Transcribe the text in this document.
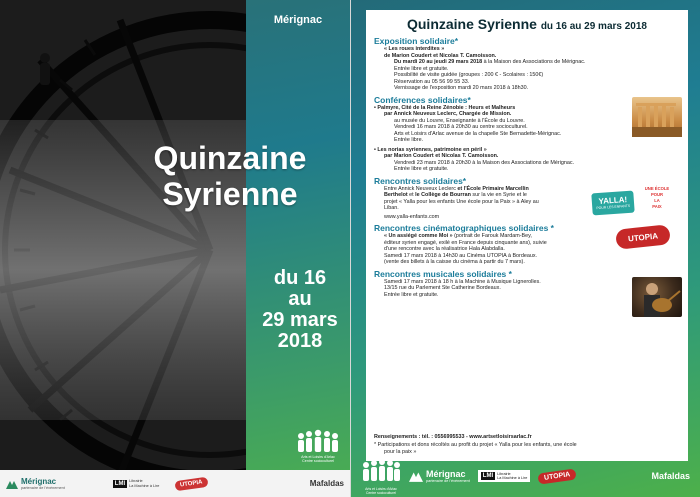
Mérignac
Quinzaine
Syrienne
du 16
au
29 mars
2018
Arts et Loisirs d'Arlac
Centre socioculturel
Mérignac
partenaire de l'événement
LMl	Librairie
La Machine à Lire	UTOPIA	Mafaldas
Quinzaine Syrienne du 16 au 29 mars 2018
Exposition solidaire*
« Les roues interdites »
de Marion Coudert et Nicolas T. Camoisson.
Du mardi 20 au jeudi 29 mars 2018 à la Maison des Associations de Mérignac.
Entrée libre et gratuite.
Possibilité de visite guidée (groupes : 200 € - Scolaires : 150€)
Réservation au 05 56 99 55 33.
Vernissage de l'exposition mardi 20 mars 2018 à 18h30.
Conférences solidaires*
• Palmyre, Cité de la Reine Zénobie : Heurs et Malheurs
par Annick Neuveux Leclerc, Chargée de Mission.
au musée du Louvre, Enseignante à l'École du Louvre.
Vendredi 16 mars 2018 à 20h30 au centre socioculturel.
Arts et Loisirs d'Arlac avenue de la chapelle Ste Bernadette-Mérignac.
Entrée libre.
• Les norias syriennes, patrimoine en péril »
par Marion Coudert et Nicolas T. Camoisson.
Vendredi 23 mars 2018 à 20h30 à la Maison des Associations de Mérignac.
Entrée libre et gratuite.
Rencontres solidaires*
YALLA!
POUR LES ENFANTS
UNE ÉCOLE
POUR
LA
PAIX
Entre Annick Neuveux Leclerc et l'École Primaire Marcellin
Berthelot et le Collège de Bourran sur la vie en Syrie et le
projet « Yalla pour les enfants Une école pour la Paix » à Aley au
Liban.
www.yalla-enfants.com
Rencontres cinématographiques solidaires *
UTOPIA
« Un assiégé comme Moi » (portrait de Farouk Mardam-Bey,
éditeur syrien engagé, exilé en France depuis cinquante ans), suivie
d'une rencontre avec la réalisatrice Hala Alabdalla.
Samedi 17 mars 2018 à 14h30 au Cinéma UTOPIA à Bordeaux.
(vente des billets à la caisse du cinéma à partir du 7 mars).
Rencontres musicales solidaires *
Samedi 17 mars 2018 à 18 h à la Machine à Musique Lignerolles.
13/15 rue du Parlement Ste Catherine Bordeaux.
Entrée libre et gratuite.
Renseignements : tél. : 0556995533 - www.artsetloisirsarlac.fr
* Participations et dons récoltés au profit du projet « Yalla pour les enfants, une école
pour la paix »
Arts et Loisirs d'Arlac Centre socioculturel
Mérignac
partenaire de l'événement
LMl	Librairie
La Machine à Lire	UTOPIA	Mafaldas
